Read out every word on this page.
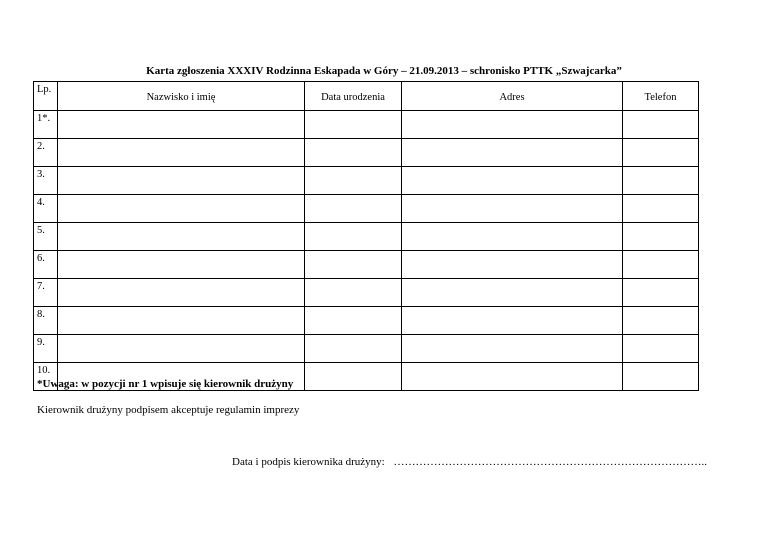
Karta zgłoszenia XXXIV Rodzinna Eskapada w Góry – 21.09.2013 – schronisko PTTK „Szwajcarka”
Lp.	Nazwisko i imię	Data urodzenia	Adres	Telefon
1*.				
2.				
3.				
4.				
5.				
6.				
7.				
8.				
9.				
10.				
*Uwaga: w pozycji nr 1 wpisuje się kierownik drużyny
Kierownik drużyny podpisem akceptuje regulamin imprezy
Data i podpis kierownika drużyny: …………………………………………………………………………..
